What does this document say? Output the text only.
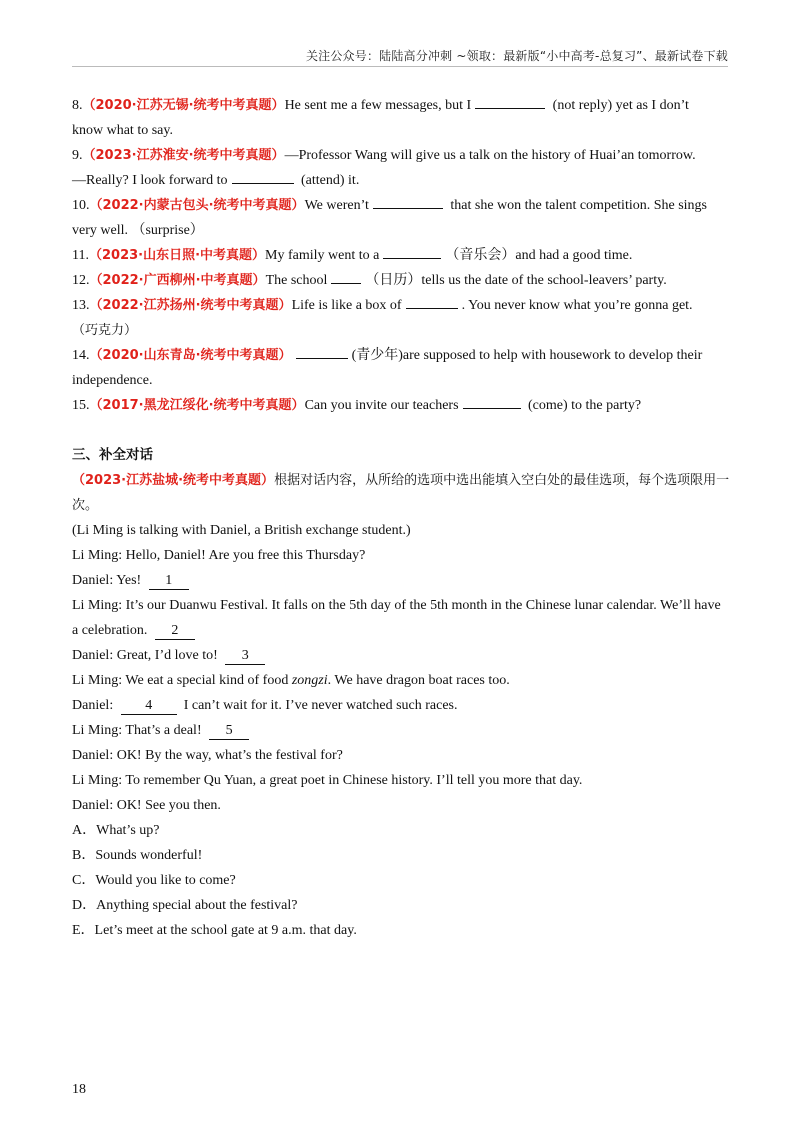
关注公众号：陆陆高分冲刺 ~领取：最新版“小中高考-总复习”、最新试卷下载
8.（2020·江苏无锡·统考中考真题）He sent me a few messages, but I	(not reply) yet as I don’t
know what to say.
9.（2023·江苏淮安·统考中考真题）—Professor Wang will give us a talk on the history of Huai’an tomorrow.
—Really? I look forward to	(attend) it.
10.（2022·内蒙古包头·统考中考真题）We weren’t	that she won the talent competition. She sings
very well. （surprise）
11.（2023·山东日照·中考真题）My family went to a	（音乐会）and had a good time.
12.（2022·广西柳州·中考真题）The school	（日历）tells us the date of the school-leavers’ party.
13.（2022·江苏扬州·统考中考真题）Life is like a box of	. You never know what you’re gonna get.
（巧克力）
14.（2020·山东青岛·统考中考真题）	(青少年)are supposed to help with housework to develop their
independence.
15.（2017·黑龙江绥化·统考中考真题）Can you invite our teachers	(come) to the party?
三、补全对话
（2023·江苏盐城·统考中考真题）根据对话内容，从所给的选项中选出能填入空白处的最佳选项，每个选项限用一次。
(Li Ming is talking with Daniel, a British exchange student.)
Li Ming: Hello, Daniel! Are you free this Thursday?
Daniel: Yes! 1
Li Ming: It’s our Duanwu Festival. It falls on the 5th day of the 5th month in the Chinese lunar calendar. We’ll have
a celebration. 2
Daniel: Great, I’d love to! 3
Li Ming: We eat a special kind of food zongzi. We have dragon boat races too.
Daniel: 4 I can’t wait for it. I’ve never watched such races.
Li Ming: That’s a deal! 5
Daniel: OK! By the way, what’s the festival for?
Li Ming: To remember Qu Yuan, a great poet in Chinese history. I’ll tell you more that day.
Daniel: OK! See you then.
A．What’s up?
B．Sounds wonderful!
C．Would you like to come?
D．Anything special about the festival?
E．Let’s meet at the school gate at 9 a.m. that day.
18
